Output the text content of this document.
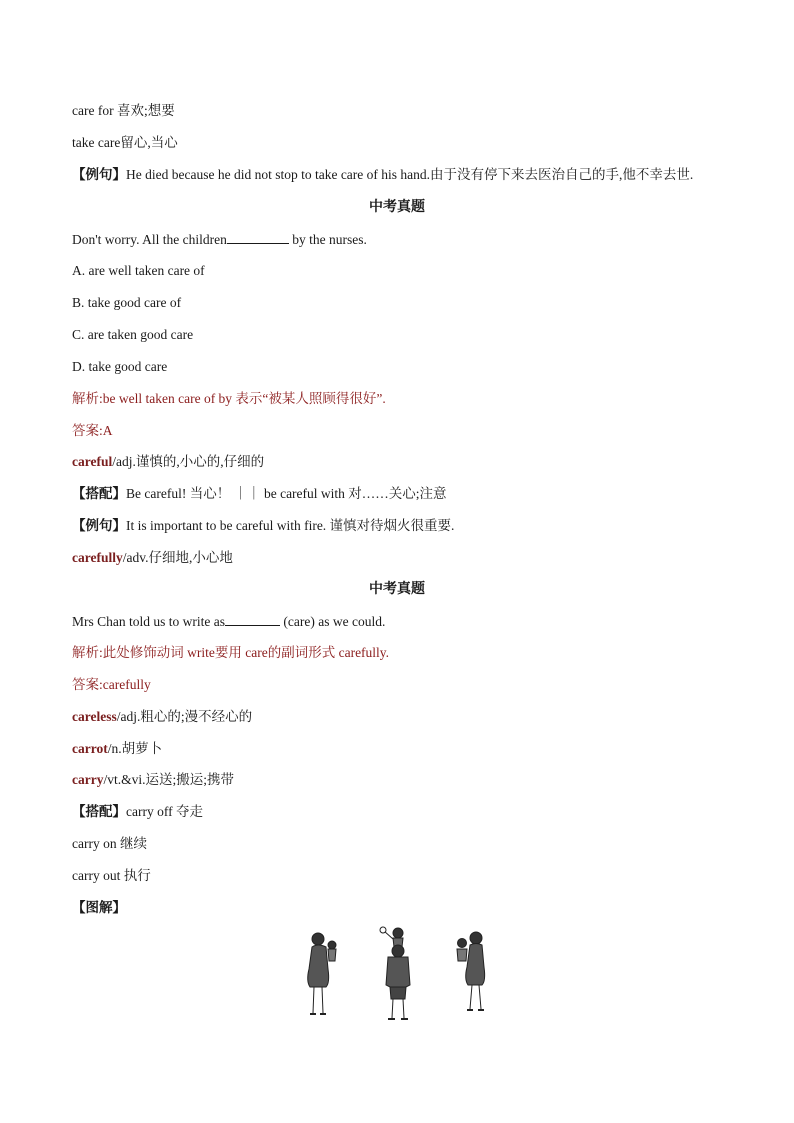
care for 喜欢;想要
take care留心,当心
【例句】He died because he did not stop to take care of his hand.由于没有停下来去医治自己的手,他不幸去世.
中考真题
Don't worry. All the children	by the nurses.
A. are well taken care of
B. take good care of
C. are taken good care
D. take good care
解析:be well taken care of by 表示“被某人照顾得很好”.
答案:A
careful/adj.谨慎的,小心的,仔细的
【搭配】Be careful! 当心！ ｜｜ be careful with 对……关心;注意
【例句】It is important to be careful with fire. 谨慎对待烟火很重要.
carefully/adv.仔细地,小心地
中考真题
Mrs Chan told us to write as	(care) as we could.
解析:此处修饰动词 write要用 care的副词形式 carefully.
答案:carefully
careless/adj.粗心的;漫不经心的
carrot/n.胡萝卜
carry/vt.&vi.运送;搬运;携带
【搭配】carry off 夺走
carry on 继续
carry out 执行
【图解】
